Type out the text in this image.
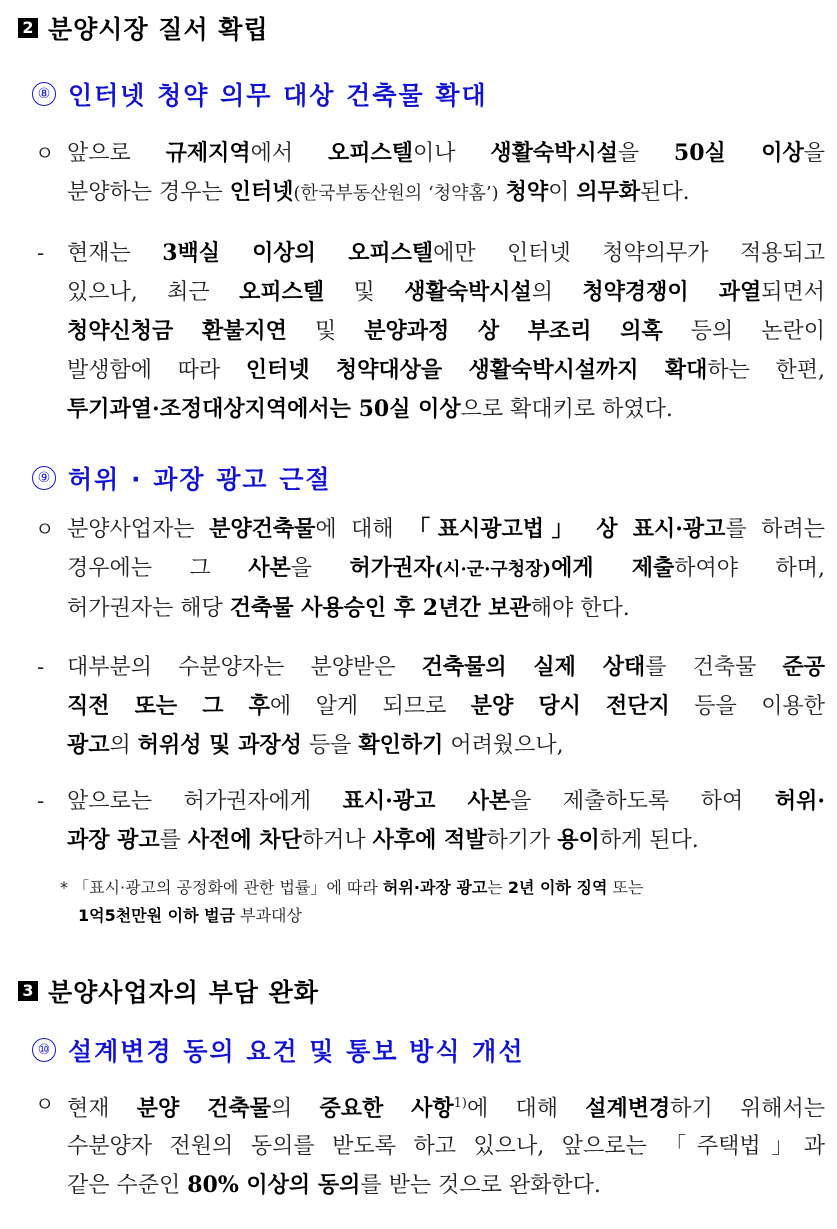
2 분양시장 질서 확립
⑧ 인터넷 청약 의무 대상 건축물 확대
ㅇ 앞으로 규제지역에서 오피스텔이나 생활숙박시설을 50실 이상을
분양하는 경우는 인터넷(한국부동산원의 ‘청약홈’) 청약이 의무화된다.
- 현재는 3백실 이상의 오피스텔에만 인터넷 청약의무가 적용되고
있으나, 최근 오피스텔 및 생활숙박시설의 청약경쟁이 과열되면서
청약신청금 환불지연 및 분양과정 상 부조리 의혹 등의 논란이
발생함에 따라 인터넷 청약대상을 생활숙박시설까지 확대하는 한편,
투기과열·조정대상지역에서는 50실 이상으로 확대키로 하였다.
⑨ 허위 · 과장 광고 근절
ㅇ 분양사업자는 분양건축물에 대해 「표시광고법」 상 표시·광고를 하려는
경우에는 그 사본을 허가권자(시·군·구청장)에게 제출하여야 하며,
허가권자는 해당 건축물 사용승인 후 2년간 보관해야 한다.
- 대부분의 수분양자는 분양받은 건축물의 실제 상태를 건축물 준공
직전 또는 그 후에 알게 되므로 분양 당시 전단지 등을 이용한
광고의 허위성 및 과장성 등을 확인하기 어려웠으나,
- 앞으로는 허가권자에게 표시·광고 사본을 제출하도록 하여 허위·
과장 광고를 사전에 차단하거나 사후에 적발하기가 용이하게 된다.
* 「표시·광고의 공정화에 관한 법률」에 따라 허위·과장 광고는 2년 이하 징역 또는
1억5천만원 이하 벌금 부과대상
3 분양사업자의 부담 완화
⑩ 설계변경 동의 요건 및 통보 방식 개선
ㅇ 현재 분양 건축물의 중요한 사항$^{1)}$에 대해 설계변경하기 위해서는
수분양자 전원의 동의를 받도록 하고 있으나, 앞으로는 「주택법」과
같은 수준인 80% 이상의 동의를 받는 것으로 완화한다.
